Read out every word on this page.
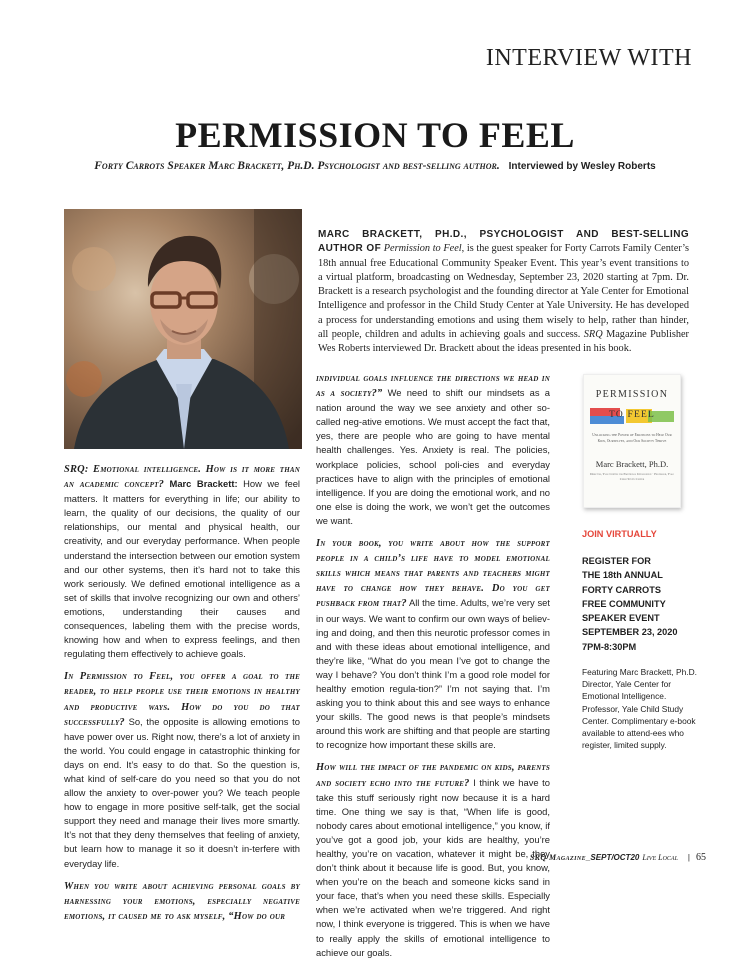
INTERVIEW WITH
PERMISSION TO FEEL
Forty Carrots Speaker Marc Brackett, Ph.D. Psychologist and best-selling author. Interviewed by Wesley Roberts
MARC BRACKETT, PH.D., PSYCHOLOGIST AND BEST-SELLING AUTHOR OF Permission to Feel, is the guest speaker for Forty Carrots Family Center’s 18th annual free Educational Community Speaker Event. This year’s event transitions to a virtual platform, broadcasting on Wednesday, September 23, 2020 starting at 7pm. Dr. Brackett is a research psychologist and the founding director at Yale Center for Emotional Intelligence and professor in the Child Study Center at Yale University. He has developed a process for understanding emotions and using them wisely to help, rather than hinder, all people, children and adults in achieving goals and success. SRQ Magazine Publisher Wes Roberts interviewed Dr. Brackett about the ideas presented in his book.

SRQ: Emotional intelligence. How is it more than an academic concept? Marc Brackett: How we feel matters. It matters for everything in life; our ability to learn, the quality of our decisions, the quality of our relationships, our mental and physical health, our creativity, and our everyday performance. When people understand the intersection between our emotion system and our other systems, then it’s hard not to take this work seriously. We defined emotional intelligence as a set of skills that involve recognizing our own and others’ emotions, understanding their causes and consequences, labeling them with the precise words, knowing how and when to express feelings, and then regulating them effectively to achieve goals.

In Permission to Feel, you offer a goal to the reader, to help people use their emotions in healthy and productive ways. How do you do that successfully? So, the opposite is allowing emotions to have power over us. Right now, there’s a lot of anxiety in the world. You could engage in catastrophic thinking for days on end. It’s easy to do that. So the question is, what kind of self-care do you need so that you do not allow the anxiety to over-power you? We teach people how to engage in more positive self-talk, get the social support they need and manage their lives more smartly. It’s not that they deny themselves that feeling of anxiety, but learn how to manage it so it doesn’t in-terfere with everyday life.

When you write about achieving personal goals by harnessing your emotions, especially negative emotions, it caused me to ask myself, “How do our

individual goals influence the directions we head in as a society?” We need to shift our mindsets as a nation around the way we see anxiety and other so-called neg-ative emotions. We must accept the fact that, yes, there are people who are going to have mental health challenges. Yes. Anxiety is real. The policies, workplace policies, school poli-cies and everyday practices have to align with the principles of emotional intelligence. If you are doing the emotional work, and no one else is doing the work, we won’t get the outcomes we want.

In your book, you write about how the support people in a child’s life have to model emotional skills which means that parents and teachers might have to change how they behave. Do you get pushback from that? All the time. Adults, we’re very set in our ways. We want to confirm our own ways of believ-ing and doing, and then this neurotic professor comes in and with these ideas about emotional intelligence, and they’re like, “What do you mean I’ve got to change the way I behave? You don’t think I’m a good role model for healthy emotion regula-tion?” I’m not saying that. I’m asking you to think about this and see ways to enhance your skills. The good news is that people’s mindsets around this work are shifting and that people are starting to recognize how important these skills are.

How will the impact of the pandemic on kids, parents and society echo into the future? I think we have to take this stuff seriously right now because it is a hard time. One thing we say is that, “When life is good, nobody cares about emotional intelligence,” you know, if you’ve got a good job, your kids are healthy, you’re healthy, you’re on vacation, whatever it might be, they don’t think about it because life is good. But, you know, when you’re on the beach and someone kicks sand in your face, that’s when you need these skills. Especially when we’re activated when we’re triggered. And right now, I think everyone is triggered. This is when we have to really apply the skills of emotional intelligence to achieve our goals.

PERMISSION
TO FEEL
Unlocking the Power of Emotions to Help Our Kids, Ourselves, and Our Society Thrive
Marc Brackett, Ph.D.
Director, Yale Center for Emotional Intelligence · Professor, Yale Child Study Center

JOIN VIRTUALLY

REGISTER FOR
THE 18th ANNUAL
FORTY CARROTS
FREE COMMUNITY
SPEAKER EVENT
SEPTEMBER 23, 2020
7PM-8:30PM

Featuring Marc Brackett, Ph.D. Director, Yale Center for Emotional Intelligence. Professor, Yale Child Study Center. Complimentary e-book available to attend-ees who register, limited supply.

SRQ Magazine_SEPT/OCT20 Live Local | 65
